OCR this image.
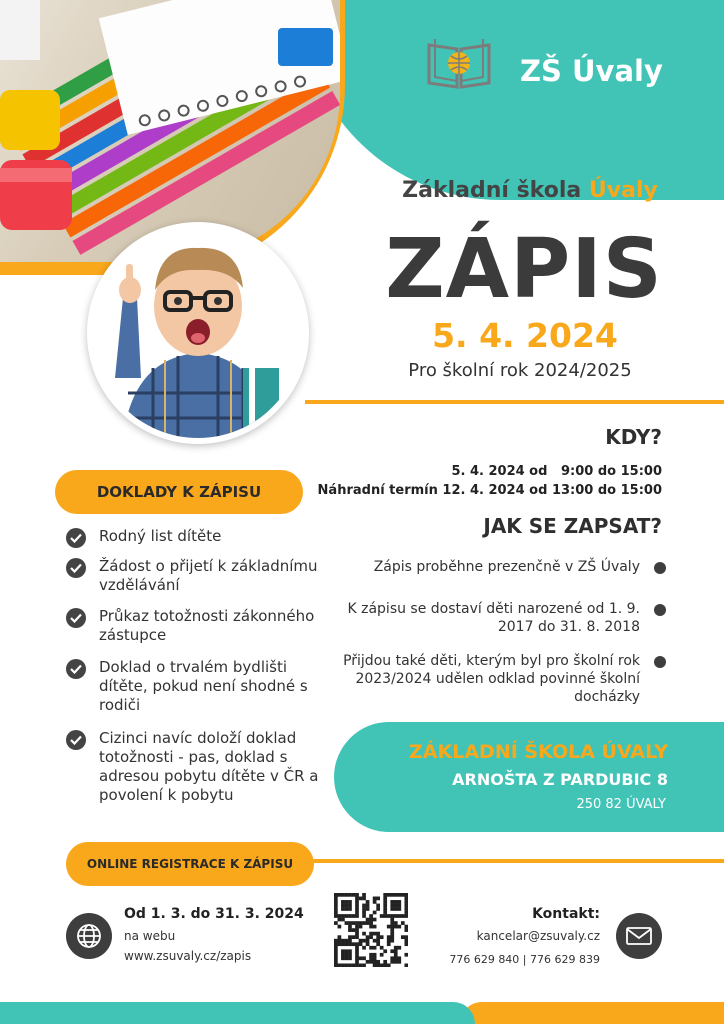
ZŠ Úvaly
Základní škola Úvaly
ZÁPIS
5. 4. 2024
Pro školní rok 2024/2025
KDY?
5. 4. 2024 od   9:00 do 15:00
Náhradní termín 12. 4. 2024 od 13:00 do 15:00
JAK SE ZAPSAT?
Zápis proběhne prezenčně v ZŠ Úvaly
K zápisu se dostaví děti narozené od 1. 9. 2017 do 31. 8. 2018
Přijdou také děti, kterým byl pro školní rok 2023/2024 udělen odklad povinné školní docházky
DOKLADY K ZÁPISU
Rodný list dítěte
Žádost o přijetí k základnímu vzdělávání
Průkaz totožnosti zákonného zástupce
Doklad o trvalém bydlišti dítěte, pokud není shodné s rodiči
Cizinci navíc doloží doklad totožnosti - pas, doklad s adresou pobytu dítěte v ČR a povolení k pobytu
ZÁKLADNÍ ŠKOLA ÚVALY
ARNOŠTA Z PARDUBIC 8
250 82 ÚVALY
ONLINE REGISTRACE K ZÁPISU
Od 1. 3. do 31. 3. 2024
na webu
www.zsuvaly.cz/zapis
Kontakt:
kancelar@zsuvaly.cz
776 629 840 | 776 629 839
